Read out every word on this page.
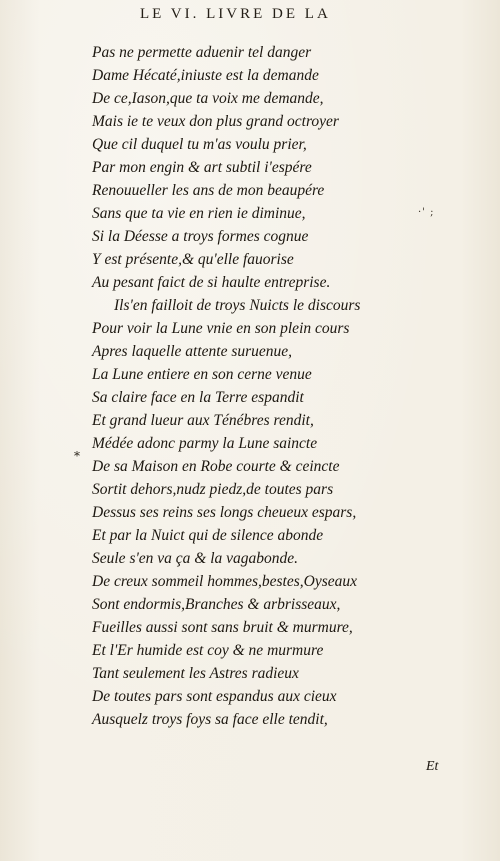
LE VI. LIVRE DE LA
·' ;
*
Pas ne permette aduenir tel danger
Dame Hécaté,iniuste est la demande
De ce,Iason,que ta voix me demande,
Mais ie te veux don plus grand octroyer
Que cil duquel tu m'as voulu prier,
Par mon engin & art subtil i'espére
Renouueller les ans de mon beaupére
Sans que ta vie en rien ie diminue,
Si la Déesse a troys formes cognue
Y est présente,& qu'elle fauorise
Au pesant faict de si haulte entreprise.
Ils'en failloit de troys Nuicts le discours
Pour voir la Lune vnie en son plein cours
Apres laquelle attente suruenue,
La Lune entiere en son cerne venue
Sa claire face en la Terre espandit
Et grand lueur aux Ténébres rendit,
Médée adonc parmy la Lune saincte
De sa Maison en Robe courte & ceincte
Sortit dehors,nudz piedz,de toutes pars
Dessus ses reins ses longs cheueux espars,
Et par la Nuict qui de silence abonde
Seule s'en va ça & la vagabonde.
De creux sommeil hommes,bestes,Oyseaux
Sont endormis,Branches & arbrisseaux,
Fueilles aussi sont sans bruit & murmure,
Et l'Er humide est coy & ne murmure
Tant seulement les Astres radieux
De toutes pars sont espandus aux cieux
Ausquelz troys foys sa face elle tendit,
Et
